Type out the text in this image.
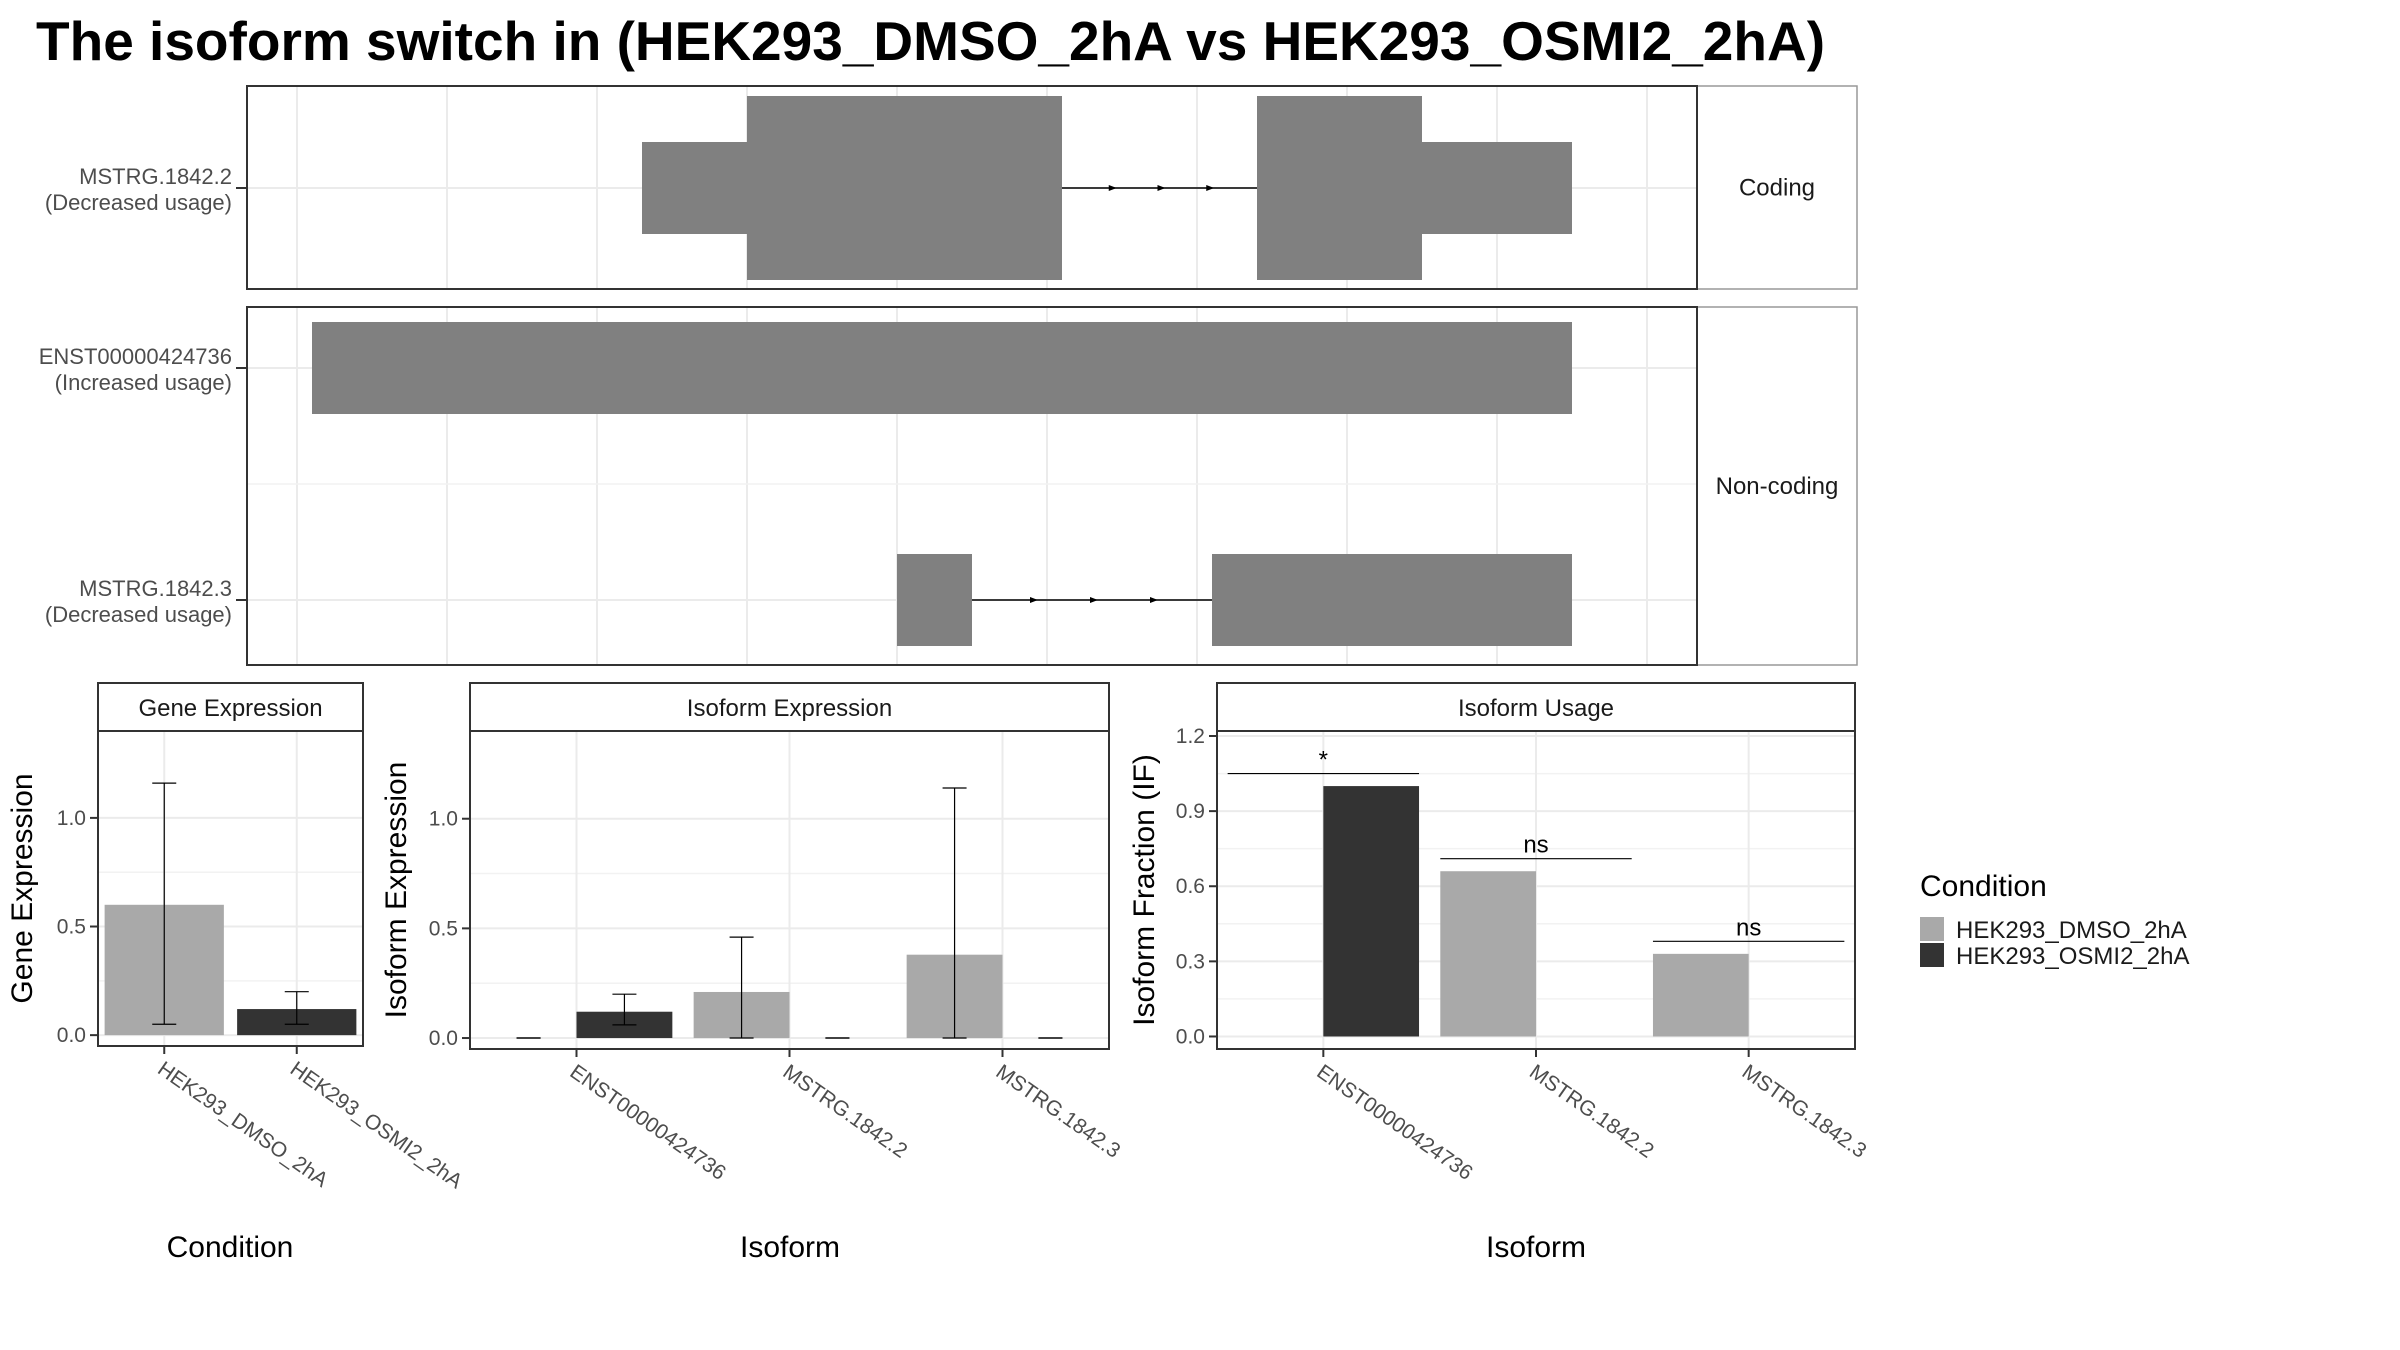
The isoform switch in (HEK293_DMSO_2hA vs HEK293_OSMI2_2hA)
Coding
MSTRG.1842.2
(Decreased usage)
Non-coding
ENST00000424736
(Increased usage)
MSTRG.1842.3
(Decreased usage)
Gene Expression
0.0
0.5
1.0
HEK293_DMSO_2hA
HEK293_OSMI2_2hA
Condition
Gene Expression
Isoform Expression
0.0
0.5
1.0
ENST00000424736 MSTRG.1842.2	MSTRG.1842.3
Isoform
Isoform Expression
Isoform Usage
0.0
0.3
0.6
0.9
1.2
*
ns
ns
ENST00000424736 MSTRG.1842.2	MSTRG.1842.3
Isoform
Isoform Fraction (IF)	Condition
HEK293_DMSO_2hA
HEK293_OSMI2_2hA
